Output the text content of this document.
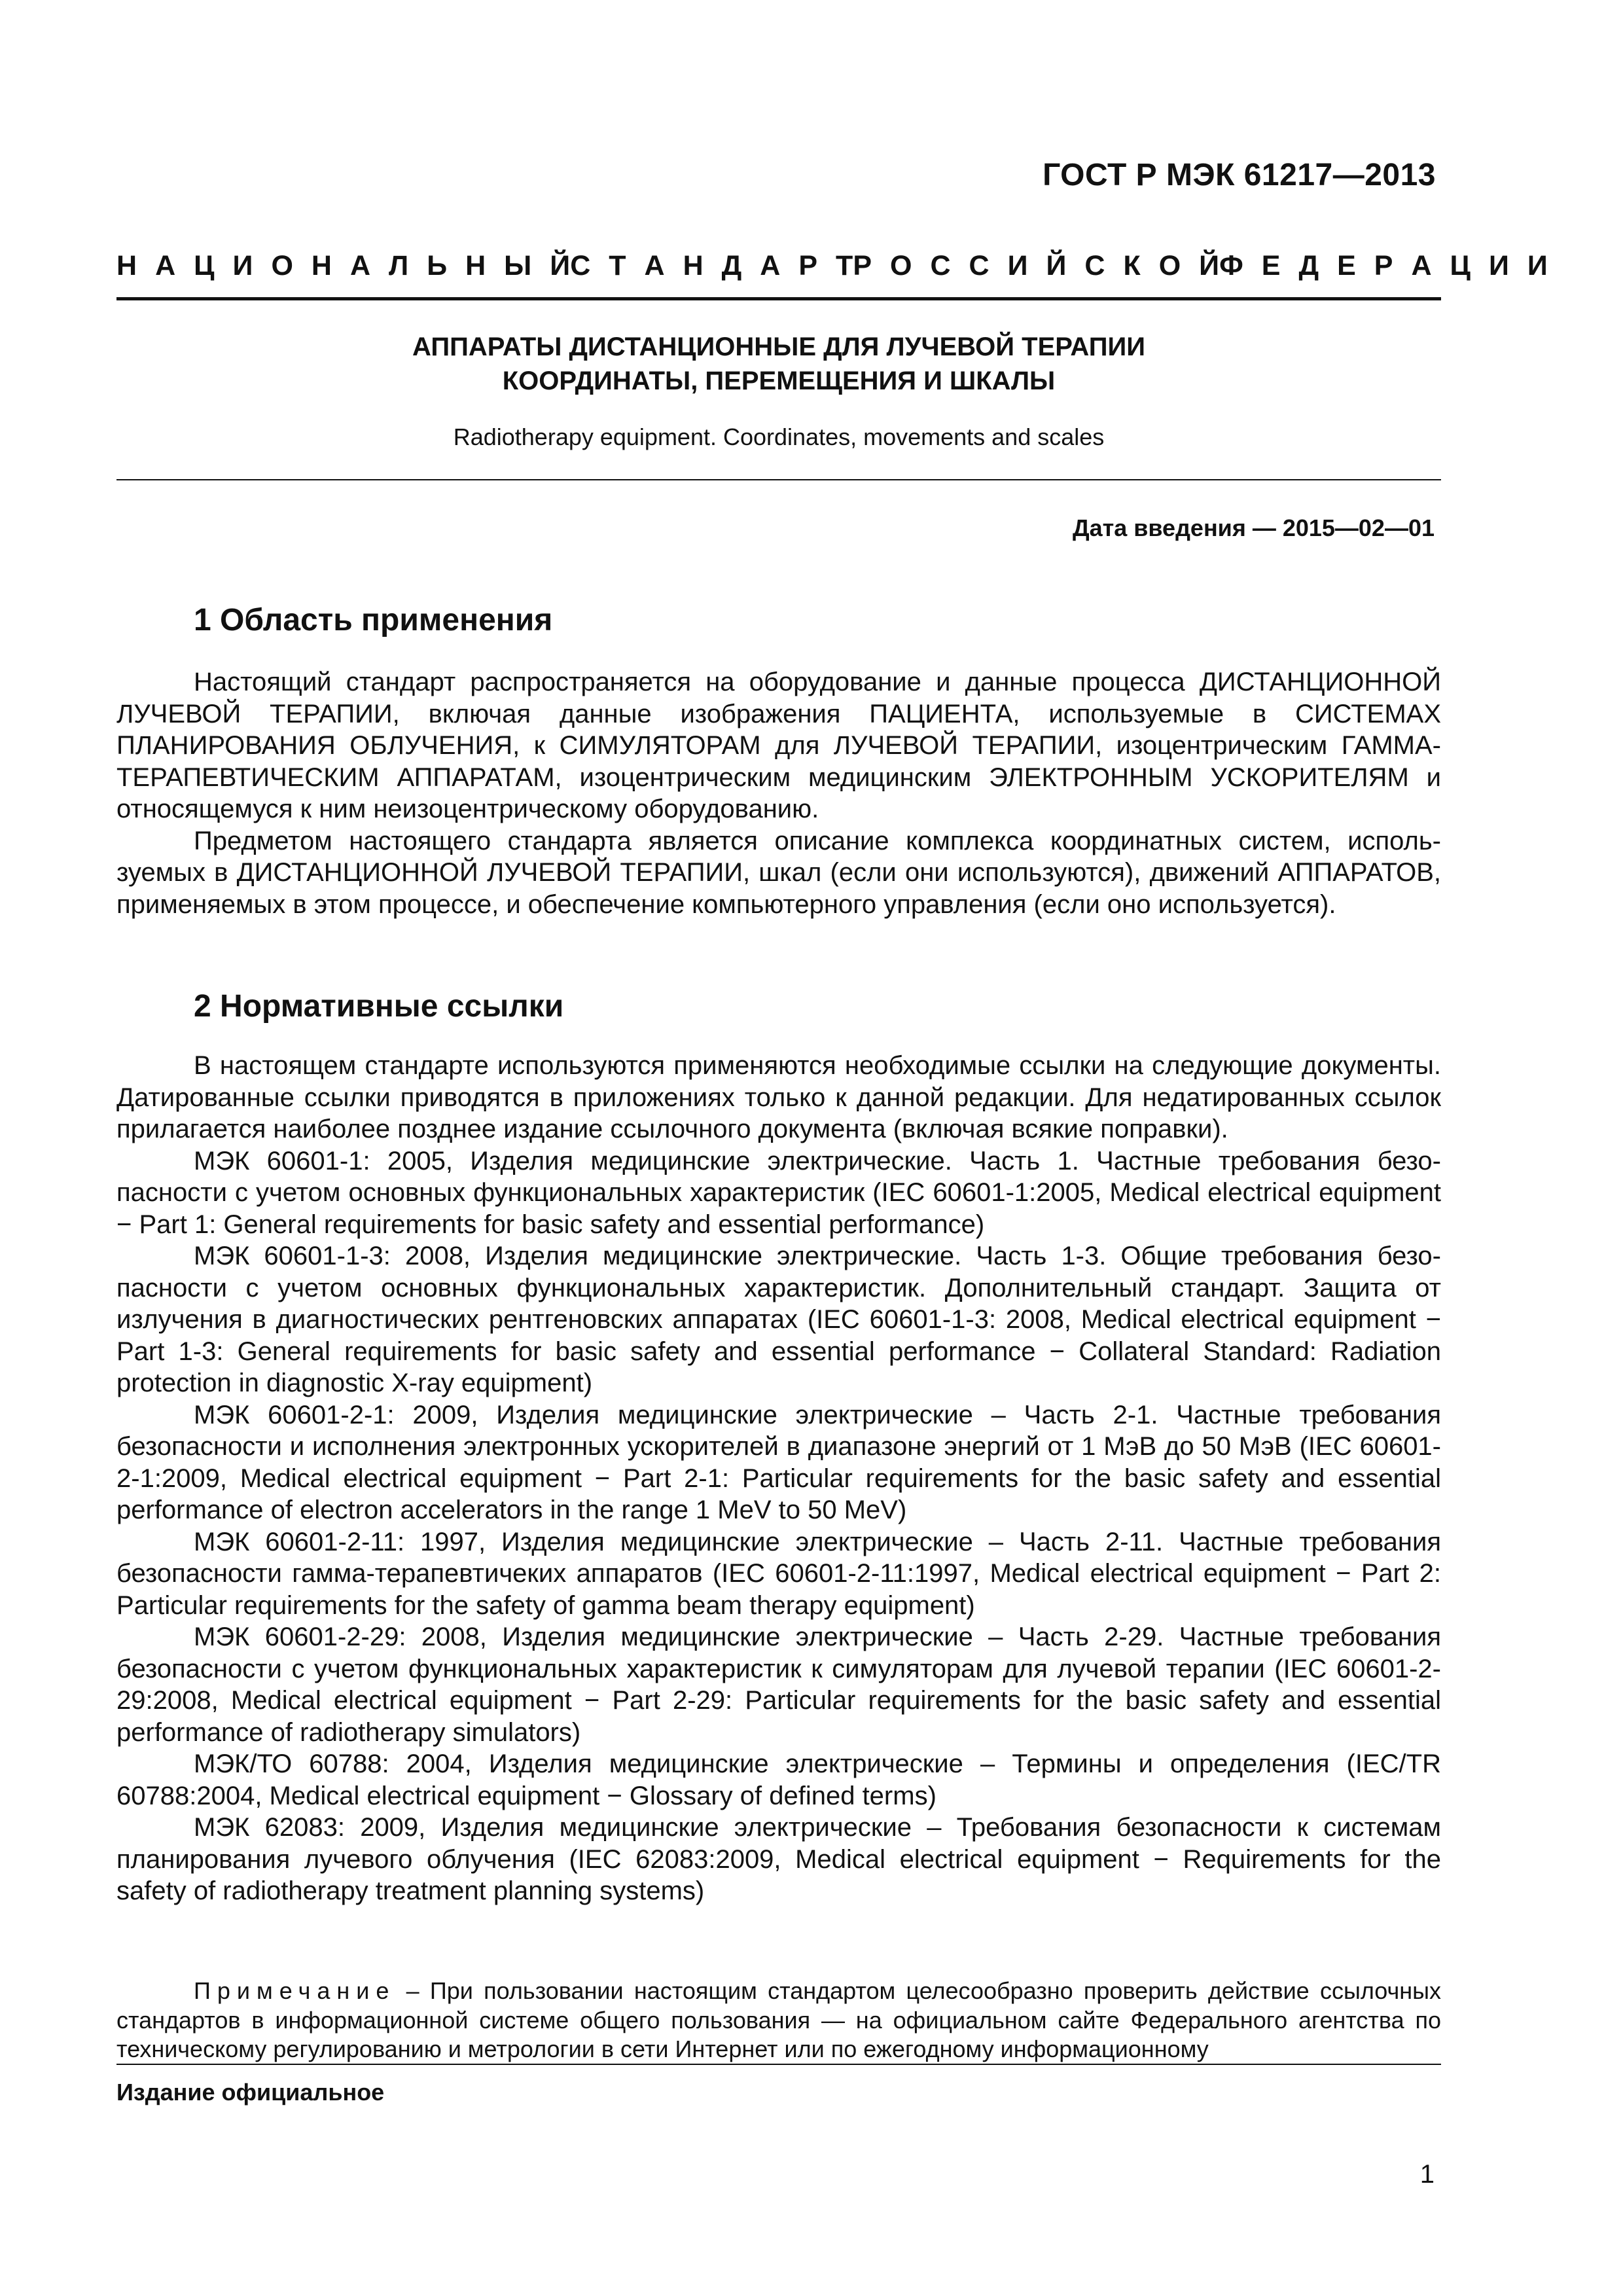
ГОСТ Р МЭК 61217—2013
Н А Ц И О Н А Л Ь Н Ы Й С Т А Н Д А Р Т Р О С С И Й С К О Й Ф Е Д Е Р А Ц И И
АППАРАТЫ ДИСТАНЦИОННЫЕ ДЛЯ ЛУЧЕВОЙ ТЕРАПИИ
КООРДИНАТЫ, ПЕРЕМЕЩЕНИЯ И ШКАЛЫ
Radiotherapy equipment. Coordinates, movements and scales
Дата введения — 2015—02—01
1 Область применения

Настоящий стандарт распространяется на оборудование и данные процесса ДИСТАНЦИОННОЙ ЛУЧЕВОЙ ТЕРАПИИ, включая данные изображения ПАЦИЕНТА, используемые в СИСТЕМАХ ПЛАНИРОВАНИЯ ОБЛУЧЕНИЯ, к СИМУЛЯТОРАМ для ЛУЧЕВОЙ ТЕРАПИИ, изоцентрическим ГАММА-ТЕРАПЕВТИЧЕСКИМ АППАРАТАМ, изоцентрическим медицинским ЭЛЕКТРОННЫМ УСКОРИТЕЛЯМ и относящемуся к ним неизоцентрическому оборудованию.

Предметом настоящего стандарта является описание комплекса координатных систем, используемых в ДИСТАНЦИОННОЙ ЛУЧЕВОЙ ТЕРАПИИ, шкал (если они используются), движений АППАРАТОВ, применяемых в этом процессе, и обеспечение компьютерного управления (если оно используется).

2 Нормативные ссылки

В настоящем стандарте используются применяются необходимые ссылки на следующие документы. Датированные ссылки приводятся в приложениях только к данной редакции. Для недатированных ссылок прилагается наиболее позднее издание ссылочного документа (включая всякие поправки).

МЭК 60601-1: 2005, Изделия медицинские электрические. Часть 1. Частные требования безопасности с учетом основных функциональных характеристик (IEC 60601-1:2005, Medical electrical equipment − Part 1: General requirements for basic safety and essential performance)

МЭК 60601-1-3: 2008, Изделия медицинские электрические. Часть 1-3. Общие требования безопасности с учетом основных функциональных характеристик. Дополнительный стандарт. Защита от излучения в диагностических рентгеновских аппаратах (IEC 60601-1-3: 2008, Medical electrical equipment − Part 1-3: General requirements for basic safety and essential performance − Collateral Standard: Radiation protection in diagnostic X-ray equipment)

МЭК 60601-2-1: 2009, Изделия медицинские электрические – Часть 2-1. Частные требования безопасности и исполнения электронных ускорителей в диапазоне энергий от 1 МэВ до 50 МэВ (IEC 60601-2-1:2009, Medical electrical equipment − Part 2-1: Particular requirements for the basic safety and essential performance of electron accelerators in the range 1 MeV to 50 MeV)

МЭК 60601-2-11: 1997, Изделия медицинские электрические – Часть 2-11. Частные требования безопасности гамма-терапевтичеких аппаратов (IEC 60601-2-11:1997, Medical electrical equipment − Part 2: Particular requirements for the safety of gamma beam therapy equipment)

МЭК 60601-2-29: 2008, Изделия медицинские электрические – Часть 2-29. Частные требования безопасности с учетом функциональных характеристик к симуляторам для лучевой терапии (IEC 60601-2-29:2008, Medical electrical equipment − Part 2-29: Particular requirements for the basic safety and essential performance of radiotherapy simulators)

МЭК/ТО 60788: 2004, Изделия медицинские электрические – Термины и определения (IEC/TR 60788:2004, Medical electrical equipment − Glossary of defined terms)

МЭК 62083: 2009, Изделия медицинские электрические – Требования безопасности к системам планирования лучевого облучения (IEC 62083:2009, Medical electrical equipment − Requirements for the safety of radiotherapy treatment planning systems)

Примечание – При пользовании настоящим стандартом целесообразно проверить действие ссылочных стандартов в информационной системе общего пользования — на официальном сайте Федерального агентства по техническому регулированию и метрологии в сети Интернет или по ежегодному информационному
Издание официальное
1
